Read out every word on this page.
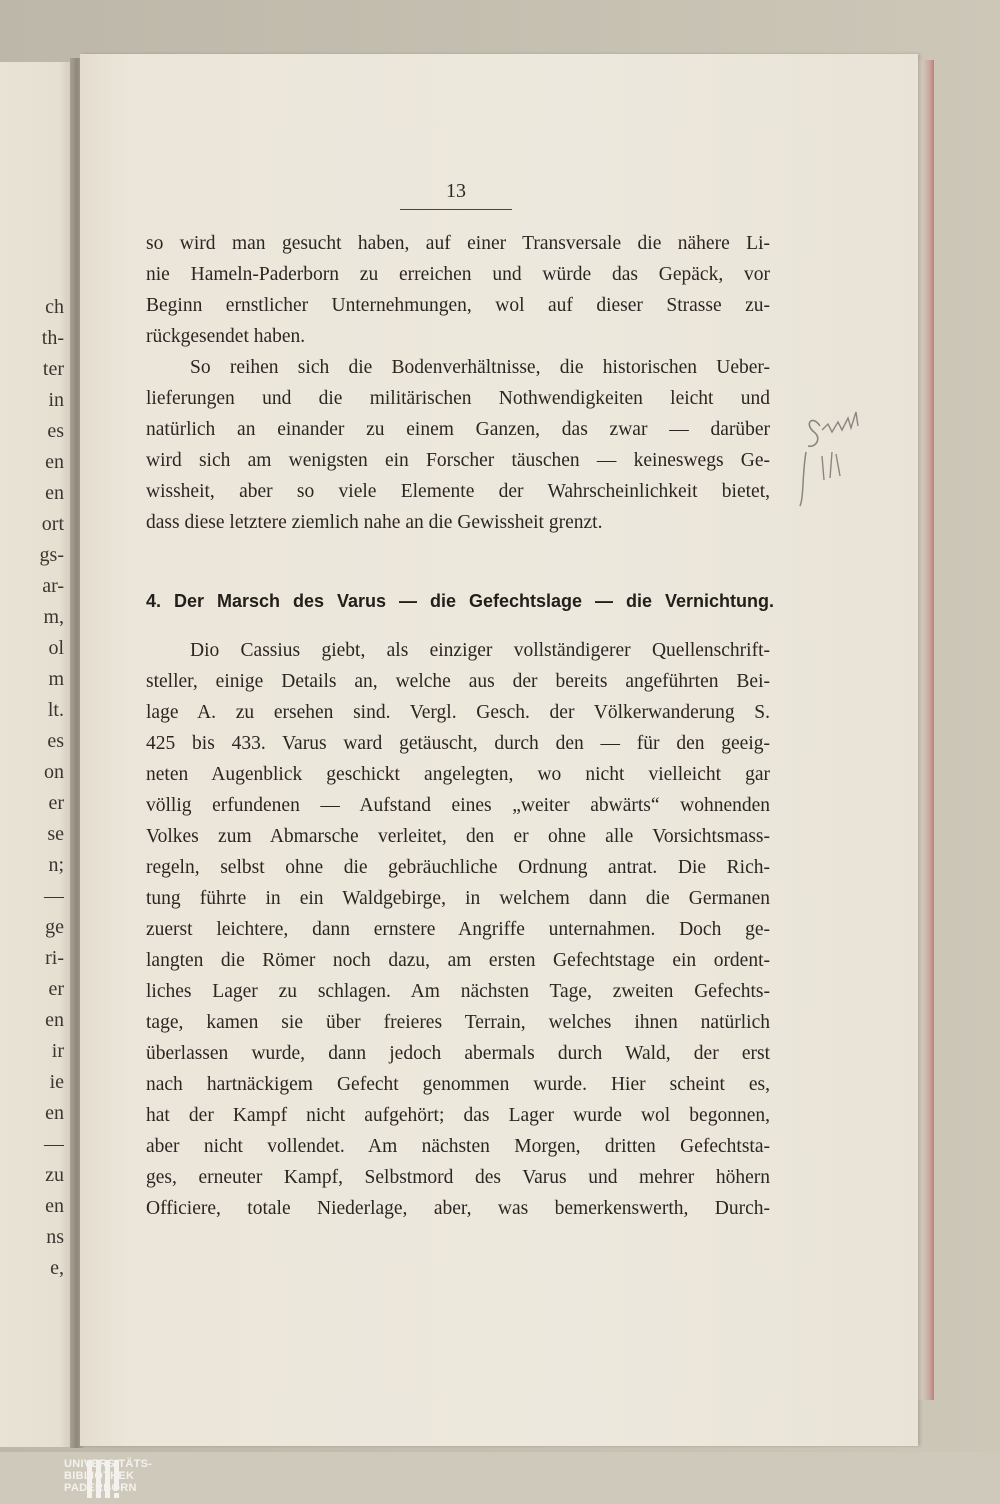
ch
th-
ter
in
es
en
en
ort
gs-
ar-
m,
ol
m
lt.
es
on
er
se
n;
—
ge
ri-
er
en
ir
ie
en
—
zu
en
ns
e,
13
so wird man gesucht haben, auf einer Transversale die nähere Li-
nie Hameln-Paderborn zu erreichen und würde das Gepäck, vor
Beginn ernstlicher Unternehmungen, wol auf dieser Strasse zu-
rückgesendet haben.
So reihen sich die Bodenverhältnisse, die historischen Ueber-
lieferungen und die militärischen Nothwendigkeiten leicht und
natürlich an einander zu einem Ganzen, das zwar — darüber
wird sich am wenigsten ein Forscher täuschen — keineswegs Ge-
wissheit, aber so viele Elemente der Wahrscheinlichkeit bietet,
dass diese letztere ziemlich nahe an die Gewissheit grenzt.
Dio Cassius giebt, als einziger vollständigerer Quellenschrift-
steller, einige Details an, welche aus der bereits angeführten Bei-
lage A. zu ersehen sind. Vergl. Gesch. der Völkerwanderung S.
425 bis 433. Varus ward getäuscht, durch den — für den geeig-
neten Augenblick geschickt angelegten, wo nicht vielleicht gar
völlig erfundenen — Aufstand eines „weiter abwärts“ wohnenden
Volkes zum Abmarsche verleitet, den er ohne alle Vorsichtsmass-
regeln, selbst ohne die gebräuchliche Ordnung antrat. Die Rich-
tung führte in ein Waldgebirge, in welchem dann die Germanen
zuerst leichtere, dann ernstere Angriffe unternahmen. Doch ge-
langten die Römer noch dazu, am ersten Gefechtstage ein ordent-
liches Lager zu schlagen. Am nächsten Tage, zweiten Gefechts-
tage, kamen sie über freieres Terrain, welches ihnen natürlich
überlassen wurde, dann jedoch abermals durch Wald, der erst
nach hartnäckigem Gefecht genommen wurde. Hier scheint es,
hat der Kampf nicht aufgehört; das Lager wurde wol begonnen,
aber nicht vollendet. Am nächsten Morgen, dritten Gefechtsta-
ges, erneuter Kampf, Selbstmord des Varus und mehrer höhern
Officiere, totale Niederlage, aber, was bemerkenswerth, Durch-
4. Der Marsch des Varus — die Gefechtslage — die Vernichtung.
UNIVERSITÄTS-
BIBLIOTHEK
PADERBORN
